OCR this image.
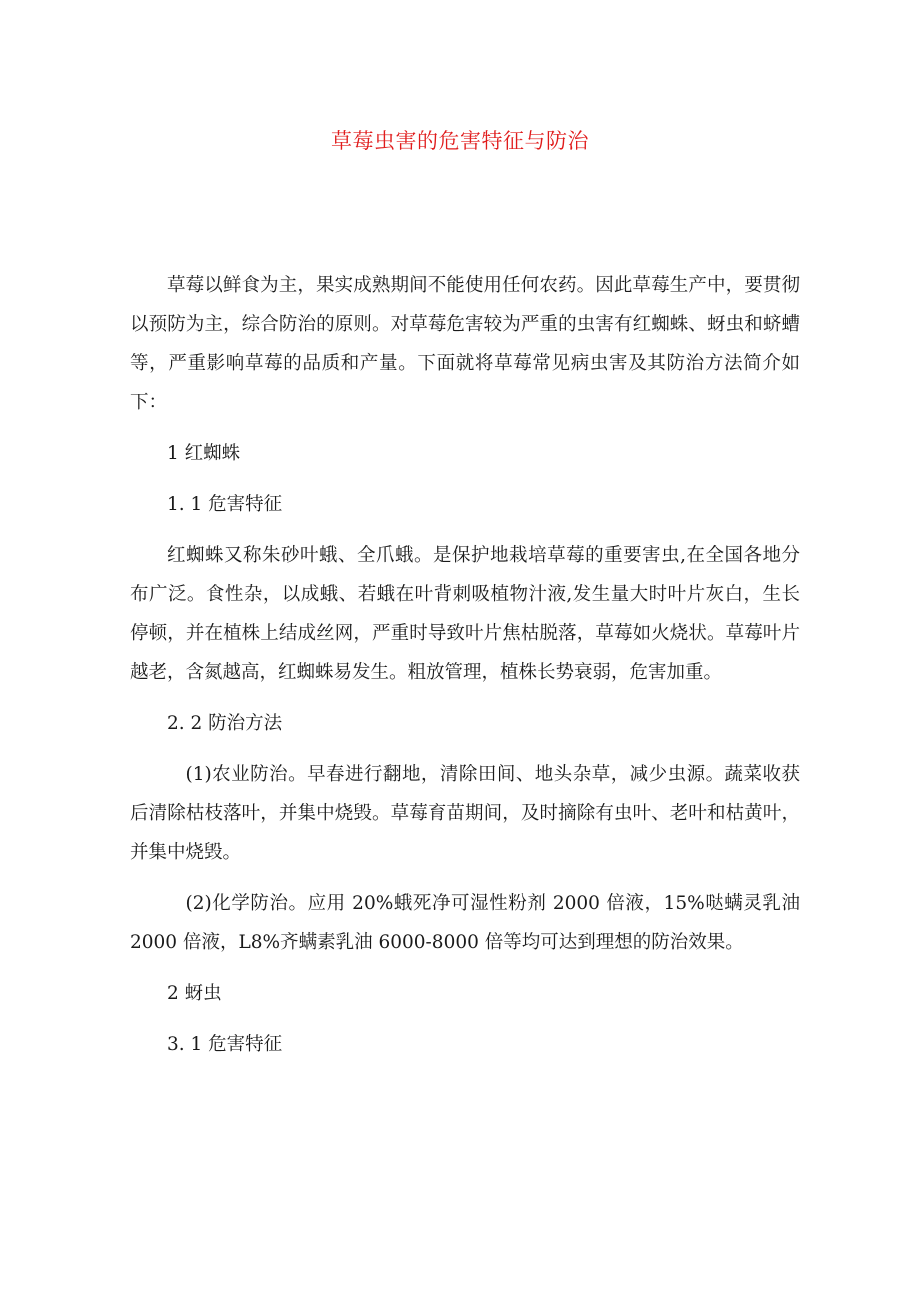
草莓虫害的危害特征与防治

草莓以鲜食为主，果实成熟期间不能使用任何农药。因此草莓生产中，要贯彻以预防为主，综合防治的原则。对草莓危害较为严重的虫害有红蜘蛛、蚜虫和蛴螬等，严重影响草莓的品质和产量。下面就将草莓常见病虫害及其防治方法简介如下：

1 红蜘蛛

1. 1 危害特征

红蜘蛛又称朱砂叶蛾、全爪蛾。是保护地栽培草莓的重要害虫,在全国各地分布广泛。食性杂，以成蛾、若蛾在叶背刺吸植物汁液,发生量大时叶片灰白，生长停顿，并在植株上结成丝网，严重时导致叶片焦枯脱落，草莓如火烧状。草莓叶片越老，含氮越高，红蜘蛛易发生。粗放管理，植株长势衰弱，危害加重。

2. 2 防治方法

(1)农业防治。早春进行翻地，清除田间、地头杂草，减少虫源。蔬菜收获后清除枯枝落叶，并集中烧毁。草莓育苗期间，及时摘除有虫叶、老叶和枯黄叶，并集中烧毁。

(2)化学防治。应用 20%蛾死净可湿性粉剂 2000 倍液，15%哒螨灵乳油 2000 倍液，L8%齐螨素乳油 6000-8000 倍等均可达到理想的防治效果。

2 蚜虫

3. 1 危害特征
